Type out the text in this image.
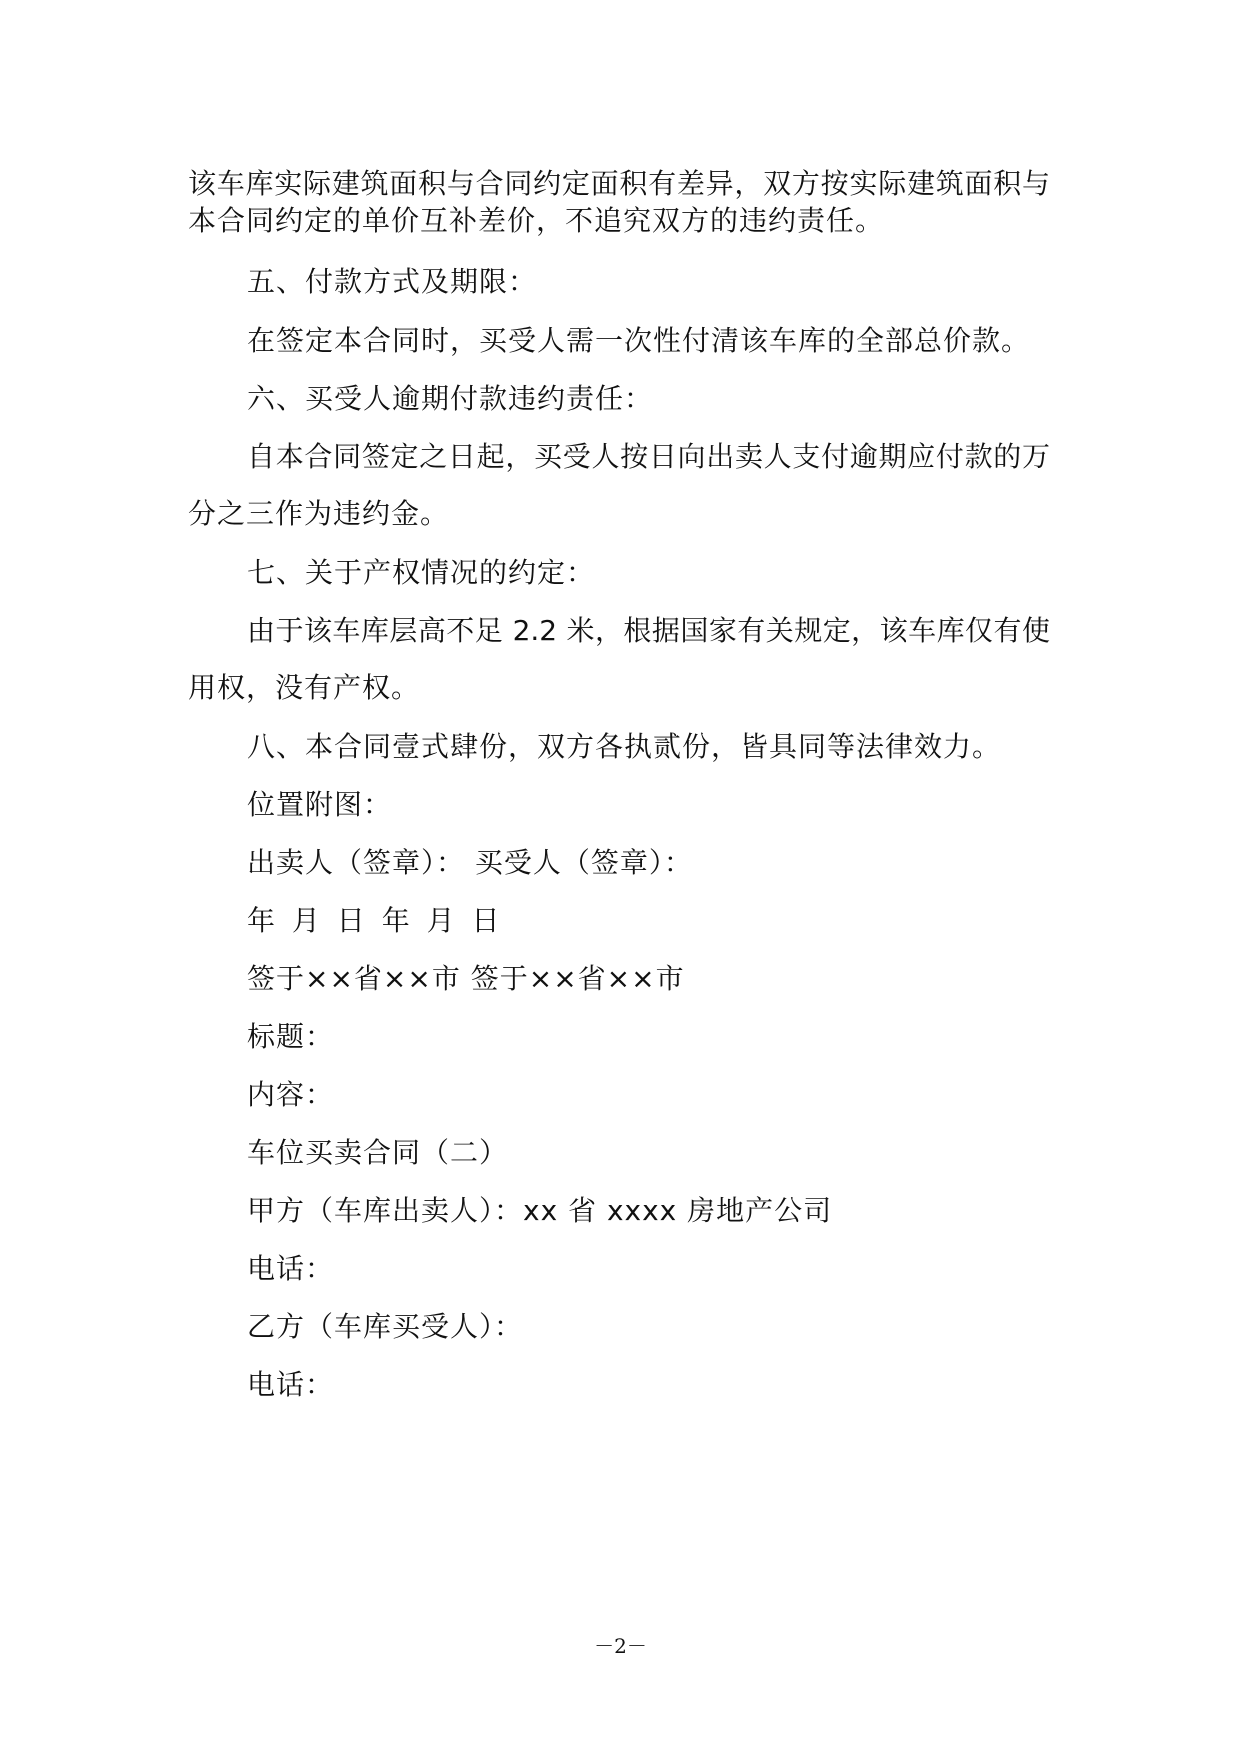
该车库实际建筑面积与合同约定面积有差异，双方按实际建筑面积与
本合同约定的单价互补差价，不追究双方的违约责任。
五、付款方式及期限：
在签定本合同时，买受人需一次性付清该车库的全部总价款。
六、买受人逾期付款违约责任：
自本合同签定之日起，买受人按日向出卖人支付逾期应付款的万
分之三作为违约金。
七、关于产权情况的约定：
由于该车库层高不足 2.2 米，根据国家有关规定，该车库仅有使
用权，没有产权。
八、本合同壹式肆份，双方各执贰份，皆具同等法律效力。
位置附图：
出卖人（签章）： 买受人（签章）：
年 月 日 年 月 日
签于××省××市 签于××省××市
标题：
内容：
车位买卖合同（二）
甲方（车库出卖人）：xx 省 xxxx 房地产公司
电话：
乙方（车库买受人）：
电话：
－2－
